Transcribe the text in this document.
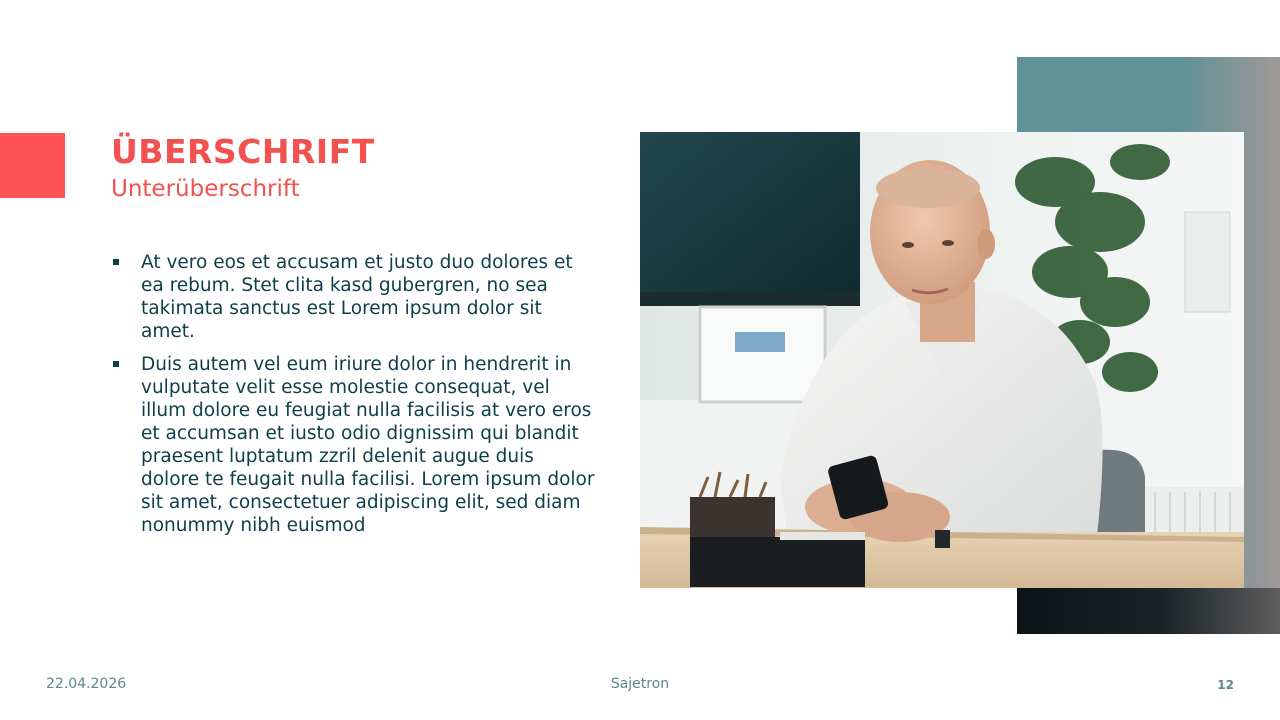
ÜBERSCHRIFT
Unterüberschrift
At vero eos et accusam et justo duo dolores et ea rebum. Stet clita kasd gubergren, no sea takimata sanctus est Lorem ipsum dolor sit amet.
Duis autem vel eum iriure dolor in hendrerit in vulputate velit esse molestie consequat, vel illum dolore eu feugiat nulla facilisis at vero eros et accumsan et iusto odio dignissim qui blandit praesent luptatum zzril delenit augue duis dolore te feugait nulla facilisi. Lorem ipsum dolor sit amet, consectetuer adipiscing elit, sed diam nonummy nibh euismod
22.04.2026	Sajetron	12
